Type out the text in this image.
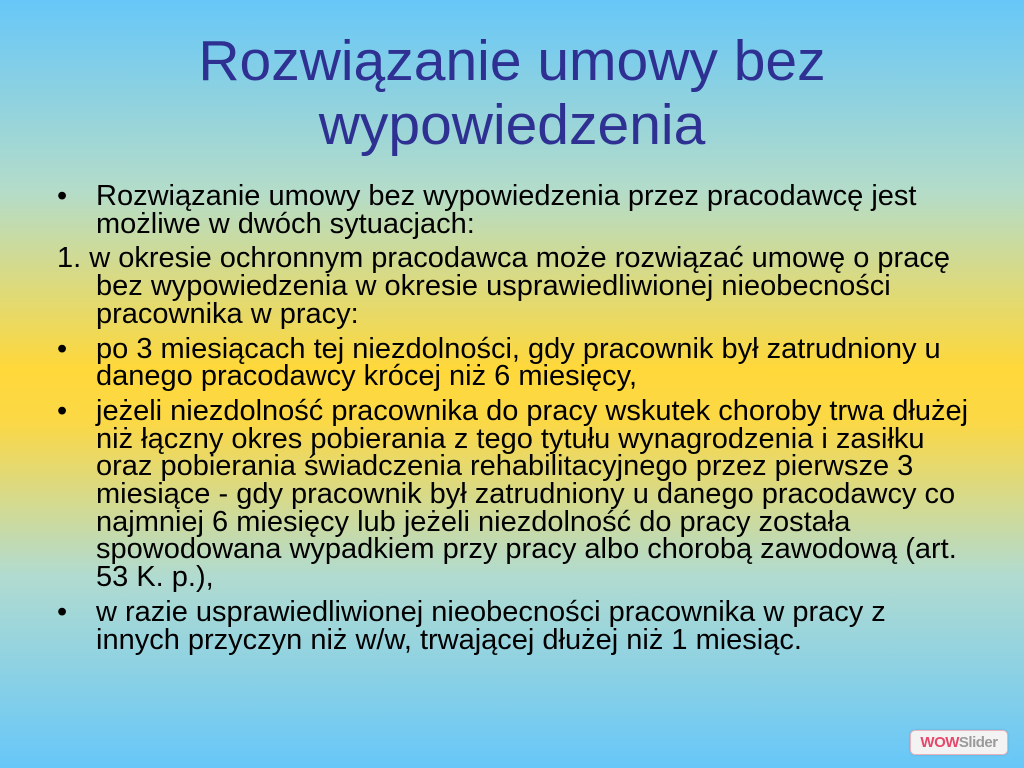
Rozwiązanie umowy bez wypowiedzenia
• Rozwiązanie umowy bez wypowiedzenia przez pracodawcę jest
możliwe w dwóch sytuacjach:
1. w okresie ochronnym pracodawca może rozwiązać umowę o pracę
bez wypowiedzenia w okresie usprawiedliwionej nieobecności
pracownika w pracy:
• po 3 miesiącach tej niezdolności, gdy pracownik był zatrudniony u
danego pracodawcy krócej niż 6 miesięcy,
• jeżeli niezdolność pracownika do pracy wskutek choroby trwa dłużej
niż łączny okres pobierania z tego tytułu wynagrodzenia i zasiłku
oraz pobierania świadczenia rehabilitacyjnego przez pierwsze 3
miesiące - gdy pracownik był zatrudniony u danego pracodawcy co
najmniej 6 miesięcy lub jeżeli niezdolność do pracy została
spowodowana wypadkiem przy pracy albo chorobą zawodową (art.
53 K. p.),
• w razie usprawiedliwionej nieobecności pracownika w pracy z
innych przyczyn niż w/w, trwającej dłużej niż 1 miesiąc.
WOW Slider
